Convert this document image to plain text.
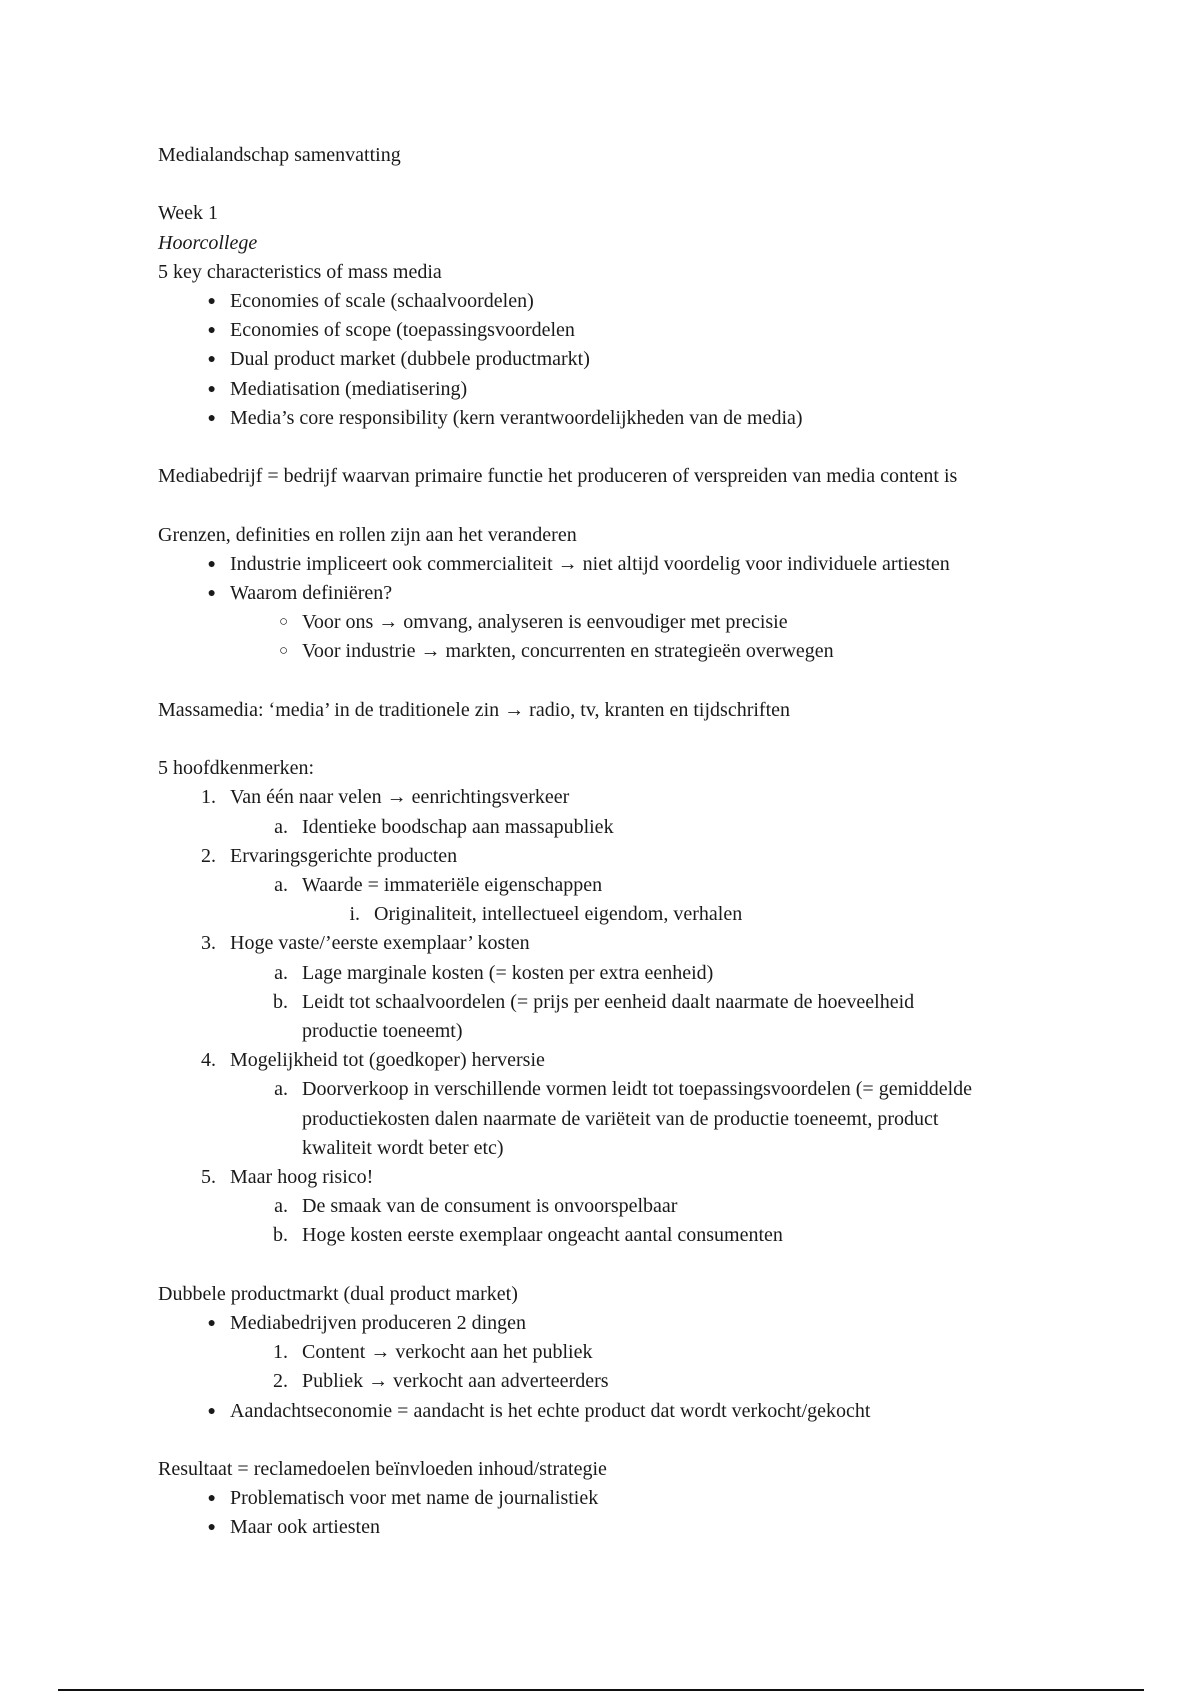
Medialandschap samenvatting
Week 1
Hoorcollege
5 key characteristics of mass media
● Economies of scale (schaalvoordelen)
● Economies of scope (toepassingsvoordelen
● Dual product market (dubbele productmarkt)
● Mediatisation (mediatisering)
● Media’s core responsibility (kern verantwoordelijkheden van de media)
Mediabedrijf = bedrijf waarvan primaire functie het produceren of verspreiden van media content is
Grenzen, definities en rollen zijn aan het veranderen
● Industrie impliceert ook commercialiteit → niet altijd voordelig voor individuele artiesten
● Waarom definiëren?
○ Voor ons → omvang, analyseren is eenvoudiger met precisie
○ Voor industrie → markten, concurrenten en strategieën overwegen
Massamedia: ‘media’ in de traditionele zin → radio, tv, kranten en tijdschriften
5 hoofdkenmerken:
1. Van één naar velen → eenrichtingsverkeer
a. Identieke boodschap aan massapubliek
2. Ervaringsgerichte producten
a. Waarde = immateriële eigenschappen
i. Originaliteit, intellectueel eigendom, verhalen
3. Hoge vaste/’eerste exemplaar’ kosten
a. Lage marginale kosten (= kosten per extra eenheid)
b. Leidt tot schaalvoordelen (= prijs per eenheid daalt naarmate de hoeveelheid
productie toeneemt)
4. Mogelijkheid tot (goedkoper) herversie
a. Doorverkoop in verschillende vormen leidt tot toepassingsvoordelen (= gemiddelde
productiekosten dalen naarmate de variëteit van de productie toeneemt, product
kwaliteit wordt beter etc)
5. Maar hoog risico!
a. De smaak van de consument is onvoorspelbaar
b. Hoge kosten eerste exemplaar ongeacht aantal consumenten
Dubbele productmarkt (dual product market)
● Mediabedrijven produceren 2 dingen
1. Content → verkocht aan het publiek
2. Publiek → verkocht aan adverteerders
● Aandachtseconomie = aandacht is het echte product dat wordt verkocht/gekocht
Resultaat = reclamedoelen beïnvloeden inhoud/strategie
● Problematisch voor met name de journalistiek
● Maar ook artiesten
